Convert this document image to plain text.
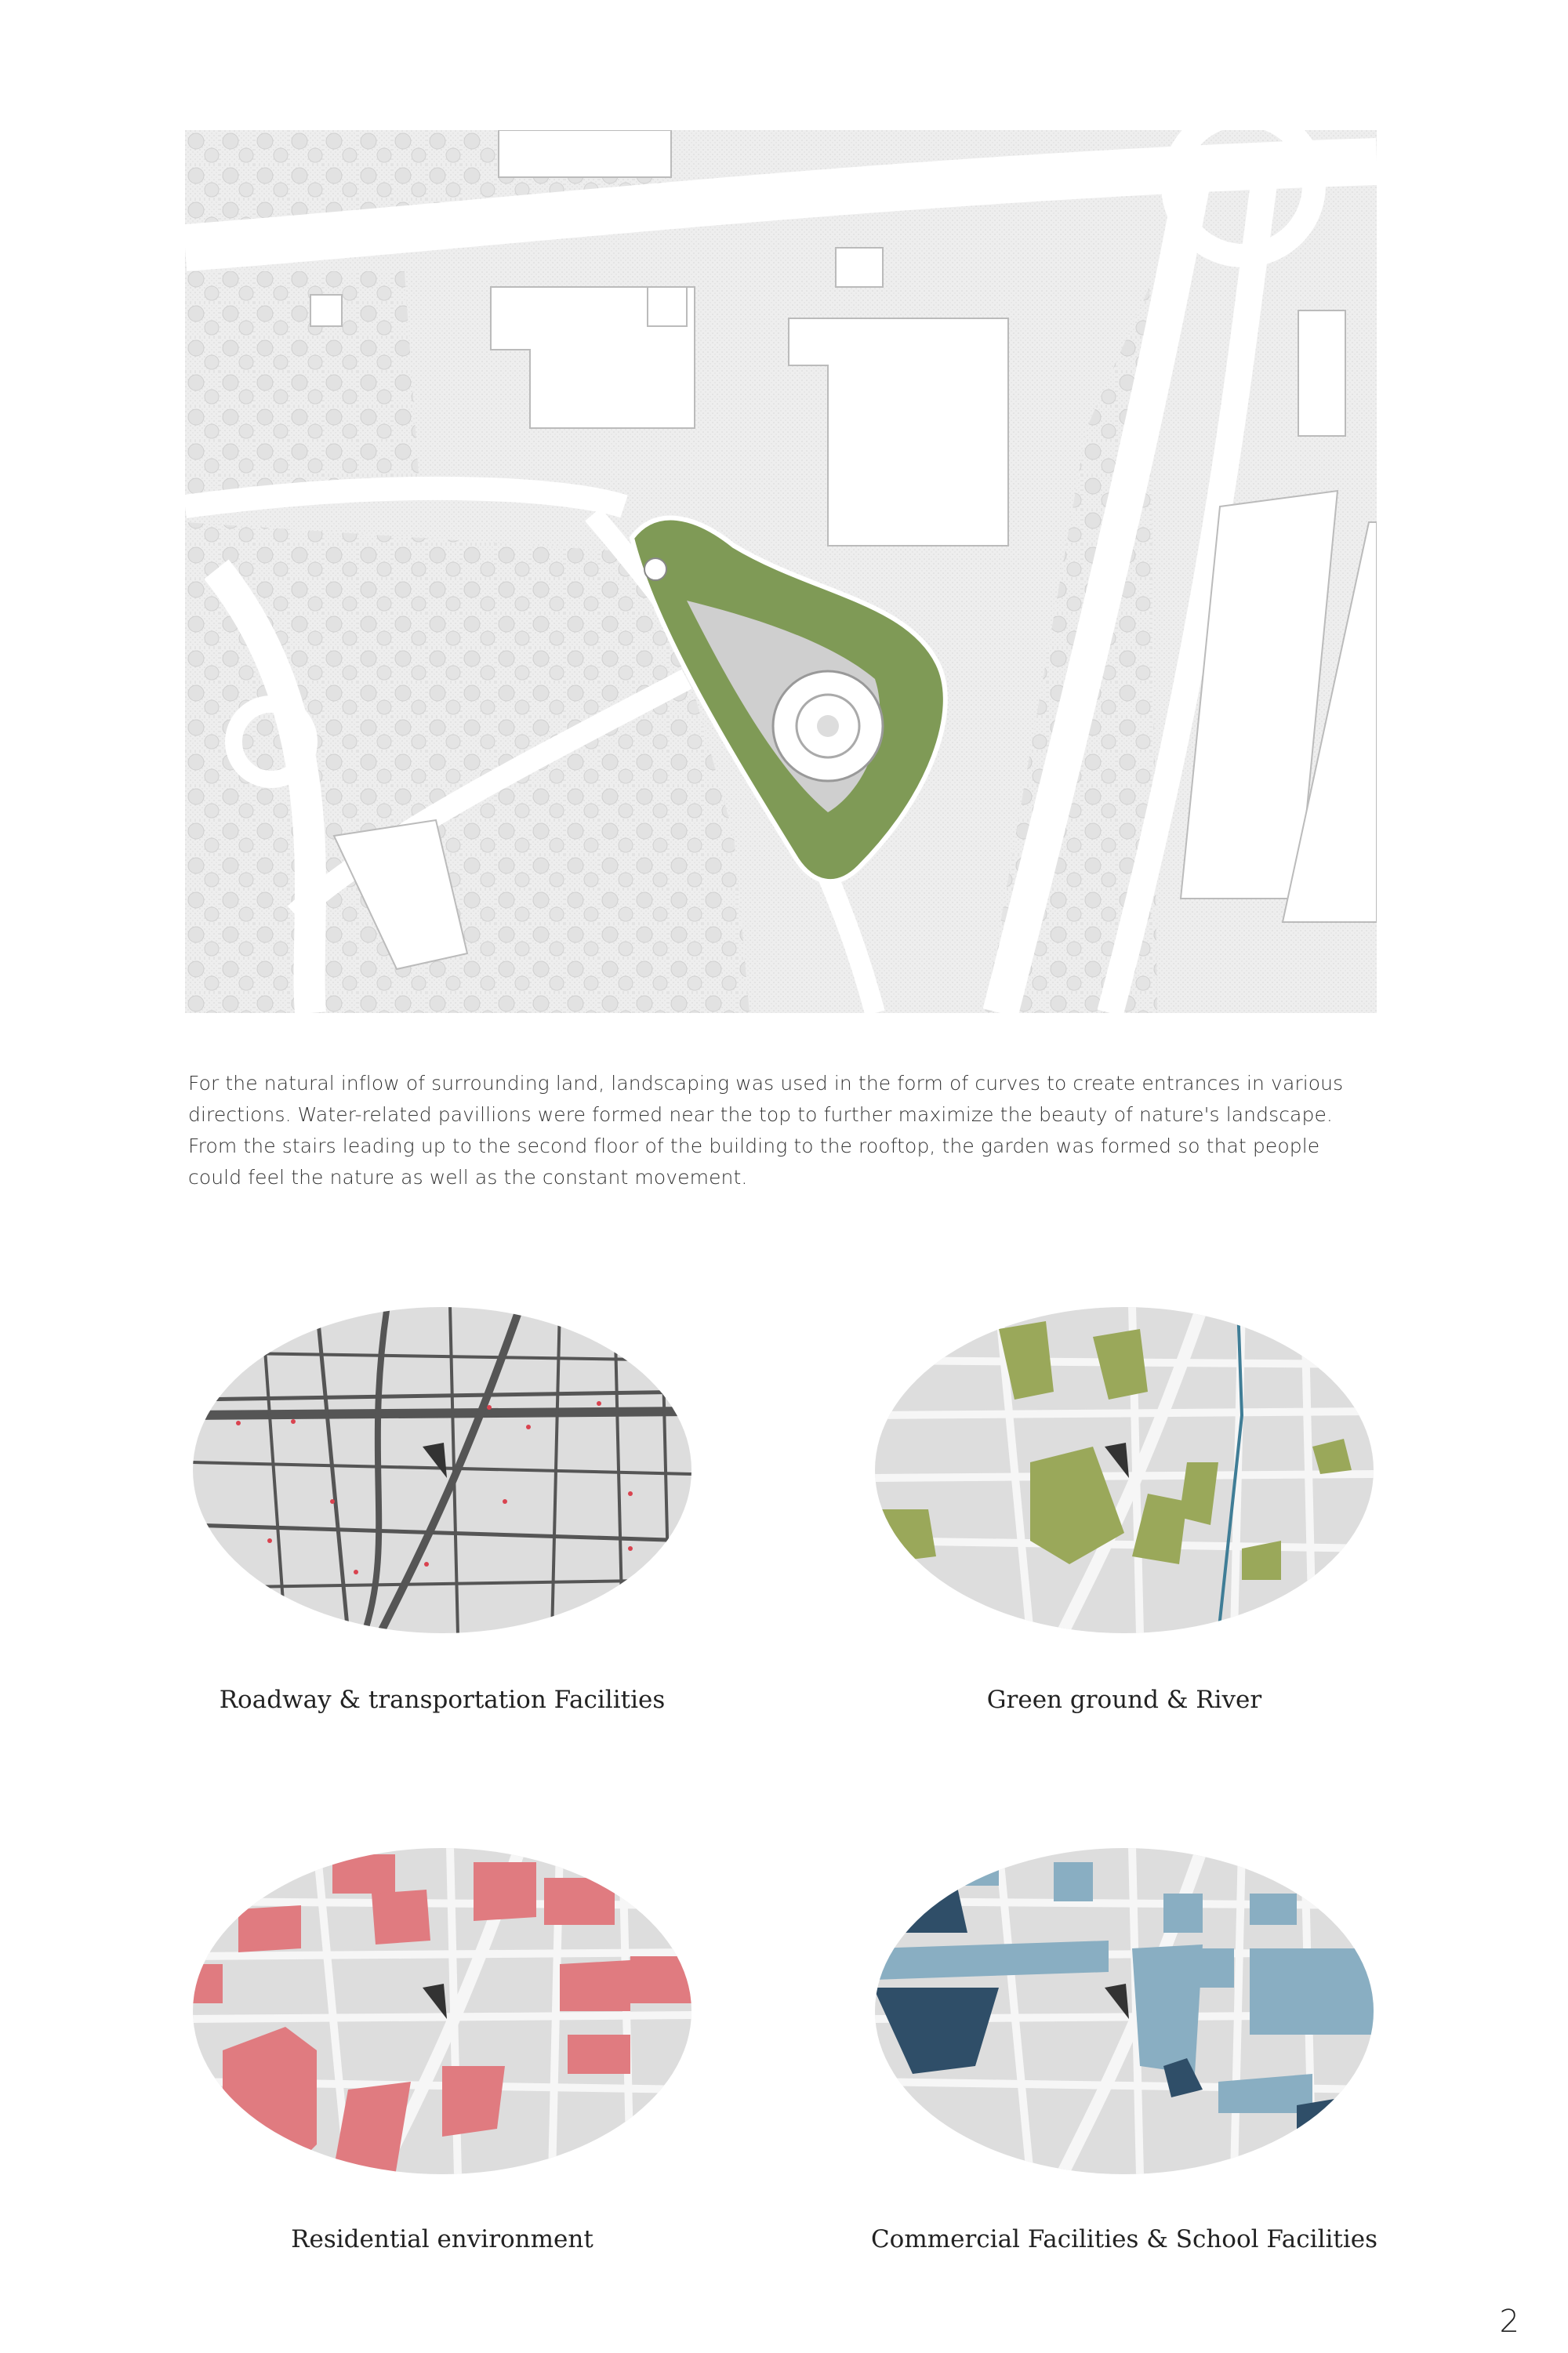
For the natural inflow of surrounding land, landscaping was used in the form of curves to create entrances in various

directions. Water-related pavillions were formed near the top to further maximize the beauty of nature's landscape.

From the stairs leading up to the second floor of the building to the rooftop, the garden was formed so that people

could feel the nature as well as the constant movement.

Roadway & transportation Facilities	Green ground & River
Residential environment	Commercial Facilities & School Facilities
2
